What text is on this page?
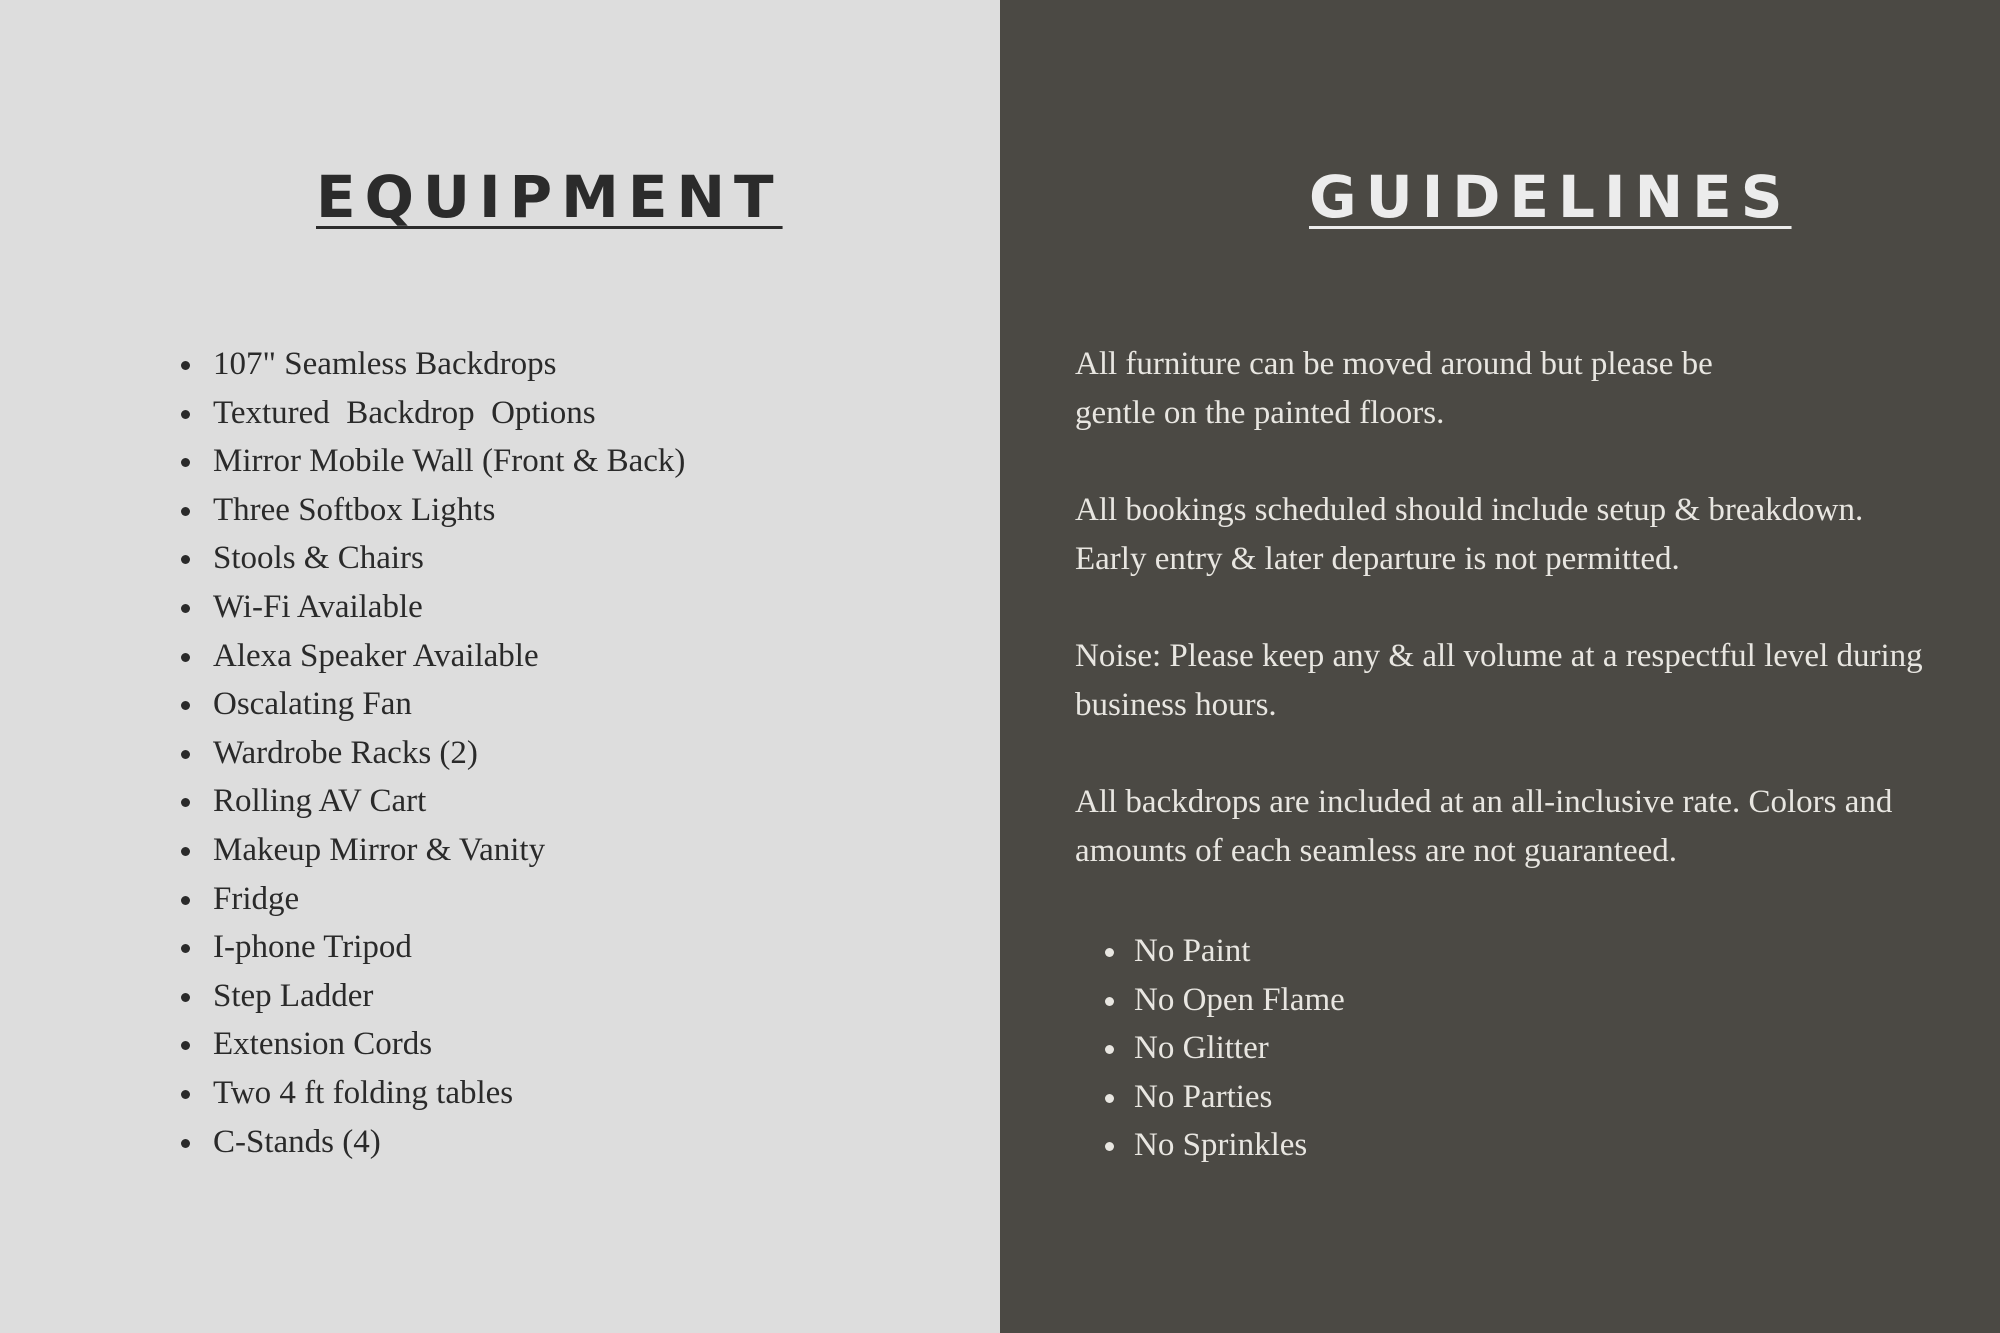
EQUIPMENT
107" Seamless Backdrops
Textured  Backdrop  Options
Mirror Mobile Wall (Front & Back)
Three Softbox Lights
Stools & Chairs
Wi-Fi Available
Alexa Speaker Available
Oscalating Fan
Wardrobe Racks (2)
Rolling AV Cart
Makeup Mirror & Vanity
Fridge
I-phone Tripod
Step Ladder
Extension Cords
Two 4 ft folding tables
C-Stands (4)
GUIDELINES

All furniture can be moved around but please be
gentle on the painted floors.

All bookings scheduled should include setup & breakdown.
Early entry & later departure is not permitted.

Noise: Please keep any & all volume at a respectful level during
business hours.

All backdrops are included at an all-inclusive rate. Colors and
amounts of each seamless are not guaranteed.

No Paint
No Open Flame
No Glitter
No Parties
No Sprinkles
